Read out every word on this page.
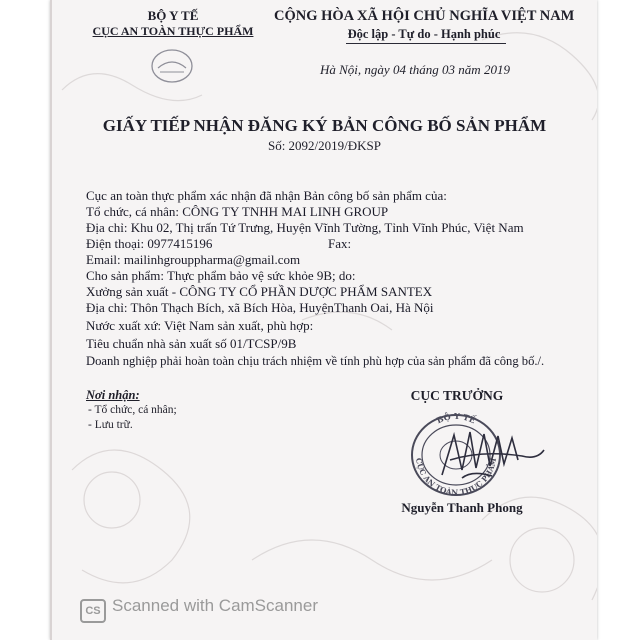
BỘ Y TẾ
CỤC AN TOÀN THỰC PHẨM
CỘNG HÒA XÃ HỘI CHỦ NGHĨA VIỆT NAM
Độc lập - Tự do - Hạnh phúc
Hà Nội, ngày 04 tháng 03 năm 2019
GIẤY TIẾP NHẬN ĐĂNG KÝ BẢN CÔNG BỐ SẢN PHẨM
Số: 2092/2019/ĐKSP
Cục an toàn thực phẩm xác nhận đã nhận Bản công bố sản phẩm của:
Tổ chức, cá nhân: CÔNG TY TNHH MAI LINH GROUP
Địa chỉ: Khu 02, Thị trấn Tứ Trưng, Huyện Vĩnh Tường, Tỉnh Vĩnh Phúc, Việt Nam
Điện thoại: 0977415196	Fax:
Email: mailinhgrouppharma@gmail.com
Cho sản phẩm: Thực phẩm bảo vệ sức khỏe 9B; do:
Xưởng sản xuất - CÔNG TY CỔ PHẦN DƯỢC PHẨM SANTEX
Địa chỉ: Thôn Thạch Bích, xã Bích Hòa, HuyệnThanh Oai, Hà Nội
Nước xuất xứ: Việt Nam sản xuất, phù hợp:
Tiêu chuẩn nhà sản xuất số 01/TCSP/9B
Doanh nghiệp phải hoàn toàn chịu trách nhiệm về tính phù hợp của sản phẩm đã công bố./.
Nơi nhận:
- Tổ chức, cá nhân;
- Lưu trữ.
CỤC TRƯỞNG
BỘ Y TẾ
CỤC AN TOÀN THỰC PHẨM
Nguyễn Thanh Phong
CS Scanned with CamScanner
